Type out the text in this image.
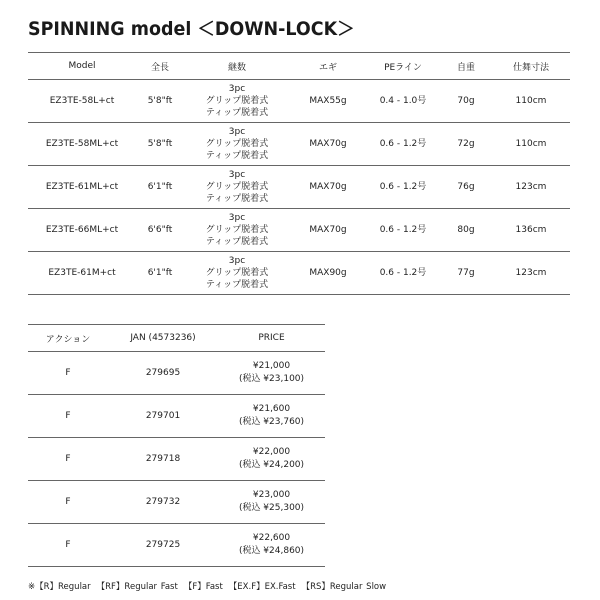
SPINNING model ＜DOWN-LOCK＞
Model	全長	継数	エギ	PEライン	自重	仕舞寸法
EZ3TE-58L+ct	5'8"ft	3pc
グリップ脱着式
ティップ脱着式	MAX55g	0.4 - 1.0号	70g	110cm
EZ3TE-58ML+ct	5'8"ft	3pc
グリップ脱着式
ティップ脱着式	MAX70g	0.6 - 1.2号	72g	110cm
EZ3TE-61ML+ct	6'1"ft	3pc
グリップ脱着式
ティップ脱着式	MAX70g	0.6 - 1.2号	76g	123cm
EZ3TE-66ML+ct	6'6"ft	3pc
グリップ脱着式
ティップ脱着式	MAX70g	0.6 - 1.2号	80g	136cm
EZ3TE-61M+ct	6'1"ft	3pc
グリップ脱着式
ティップ脱着式	MAX90g	0.6 - 1.2号	77g	123cm
アクション	JAN (4573236)	PRICE
F	279695	¥21,000
(税込 ¥23,100)

F	279701	¥21,600
(税込 ¥23,760)

F	279718	¥22,000
(税込 ¥24,200)

F	279732	¥23,000
(税込 ¥25,300)

F	279725	¥22,600
(税込 ¥24,860)
※【R】Regular 【RF】Regular Fast 【F】Fast 【EX.F】EX.Fast 【RS】Regular Slow
